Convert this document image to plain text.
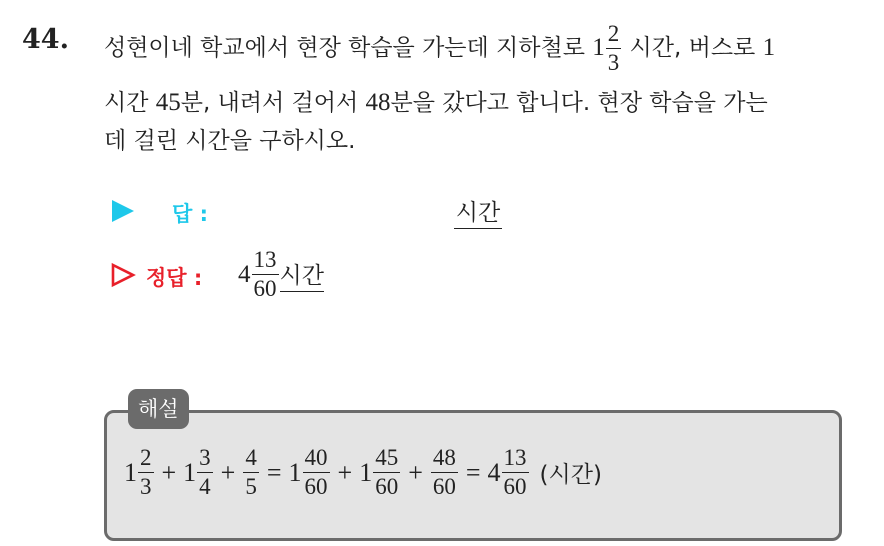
44. 성현이네 학교에서 현장 학습을 가는데 지하철로 $1 \frac{2}{3}$ 시간, 버스로 1
시간 45분, 내려서 걸어서 48분을 갔다고 합니다. 현장 학습을 가는
데 걸린 시간을 구하시오.
답 :	시간
정답 : $4 \frac{13}{60}$ 시간
해설
$1 \frac{2}{3} + 1 \frac{3}{4} + \frac{4}{5} = 1 \frac{40}{60} + 1 \frac{45}{60} + \frac{48}{60} = 4 \frac{13}{60}$ (시간)
